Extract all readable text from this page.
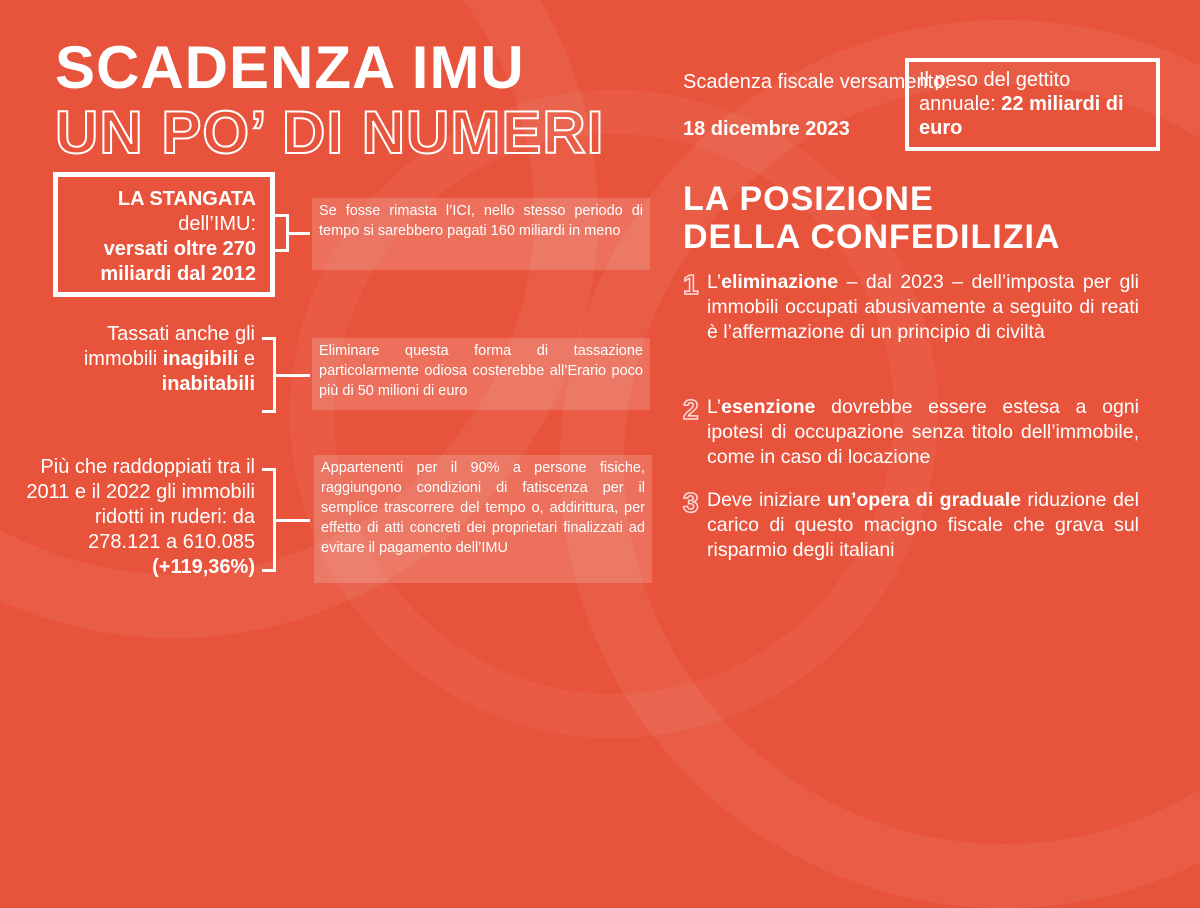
SCADENZA IMU
UN PO’ DI NUMERI
Scadenza fiscale versamento:
18 dicembre 2023
Il peso del gettito annuale: 22 miliardi di euro
LA STANGATA
dell’IMU:
versati oltre 270 miliardi dal 2012
Tassati anche gli immobili inagibili e inabitabili
Più che raddoppiati tra il 2011 e il 2022 gli immobili ridotti in ruderi: da 278.121 a 610.085 (+119,36%)
Se fosse rimasta l’ICI, nello stesso periodo di tempo si sarebbero pagati 160 miliardi in meno
Eliminare questa forma di tassazione particolarmente odiosa costerebbe all’Erario poco più di 50 milioni di euro
Appartenenti per il 90% a persone fisiche, raggiungono condizioni di fatiscenza per il semplice trascorrere del tempo o, addirittura, per effetto di atti concreti dei proprietari finalizzati ad evitare il pagamento dell’IMU
LA POSIZIONE
DELLA CONFEDILIZIA
1 L’eliminazione – dal 2023 – dell’imposta per gli immobili occupati abusivamente a seguito di reati è l’affermazione di un principio di civiltà
2 L’esenzione dovrebbe essere estesa a ogni ipotesi di occupazione senza titolo dell’immobile, come in caso di locazione
3 Deve iniziare un’opera di graduale riduzione del carico di questo macigno fiscale che grava sul risparmio degli italiani
